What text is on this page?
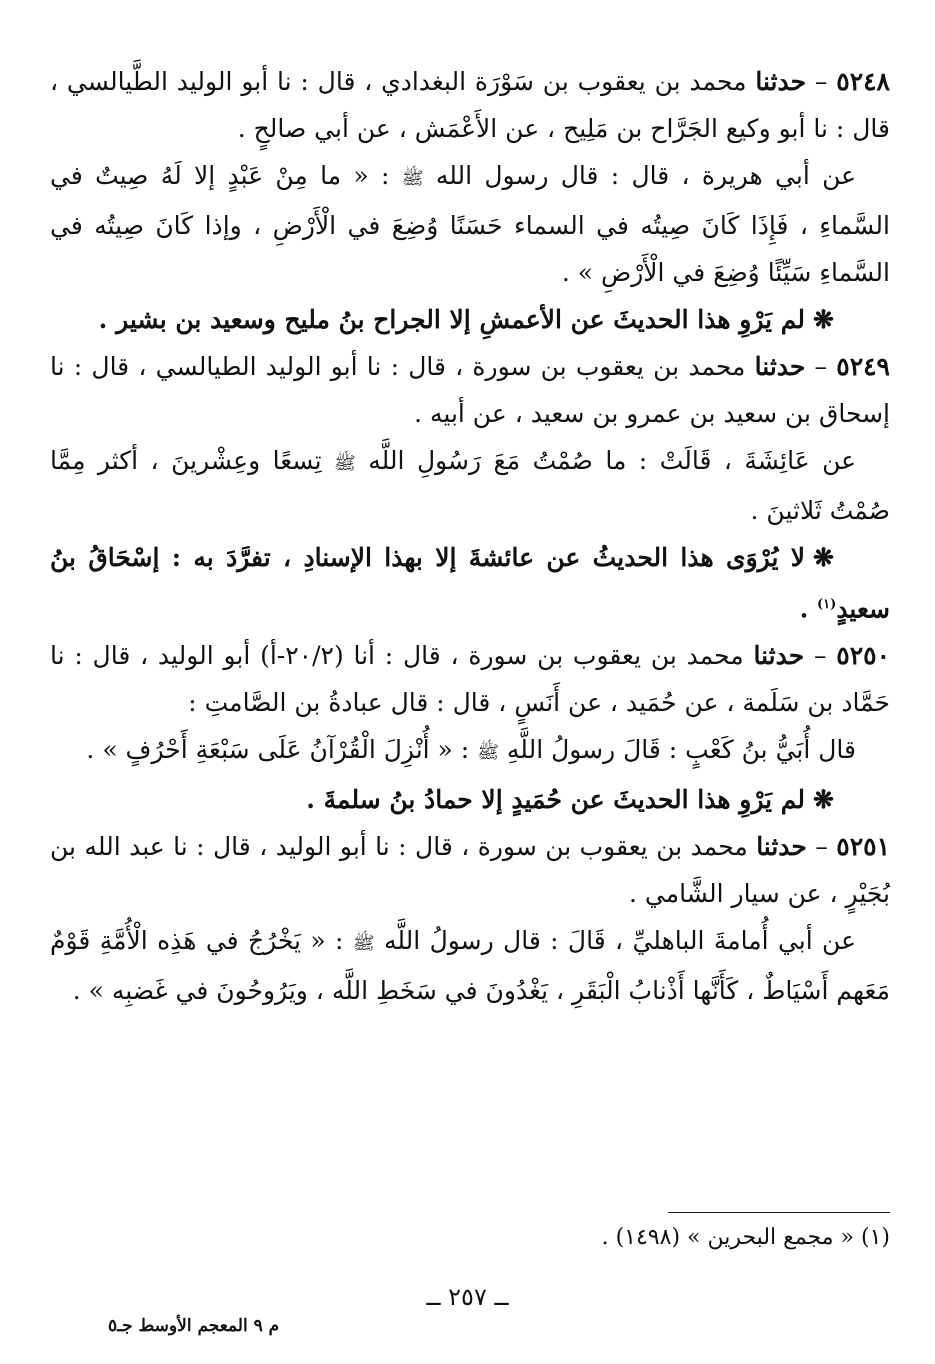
٥٢٤٨ – حدثنا محمد بن يعقوب بن سَوْرَة البغدادي ، قال : نا أبو الوليد الطَّيالسي ، قال : نا أبو وكيع الجَرَّاح بن مَلِيح ، عن الأَعْمَش ، عن أبي صالحٍ .

عن أبي هريرة ، قال : قال رسول الله ﷺ : « ما مِنْ عَبْدٍ إلا لَهُ صِيتٌ في السَّماءِ ، فَإِذَا كَانَ صِيتُه في السماء حَسَنًا وُضِعَ في الْأَرْضِ ، وإذا كَانَ صِيتُه في السَّماءِ سَيِّئًا وُضِعَ في الْأَرْضِ » .

❋لم يَرْوِ هذا الحديثَ عن الأعمشِ إلا الجراح بنُ مليح وسعيد بن بشير .

٥٢٤٩ – حدثنا محمد بن يعقوب بن سورة ، قال : نا أبو الوليد الطيالسي ، قال : نا إسحاق بن سعيد بن عمرو بن سعيد ، عن أبيه .

عن عَائِشَةَ ، قَالَتْ : ما صُمْتُ مَعَ رَسُولِ اللَّه ﷺ تِسعًا وعِشْرينَ ، أكثر مِمَّا صُمْتُ ثَلاثينَ .

❋لا يُرْوَى هذا الحديثُ عن عائشةَ إلا بهذا الإسنادِ ، تفرَّدَ به : إسْحَاقُ بنُ سعيدٍ$^{(١)}$ .

٥٢٥٠ – حدثنا محمد بن يعقوب بن سورة ، قال : أنا (٢٠/٢-أ) أبو الوليد ، قال : نا حَمَّاد بن سَلَمة ، عن حُمَيد ، عن أَنَسٍ ، قال : قال عبادةُ بن الصَّامتِ :

قال أُبَيُّ بنُ كَعْبٍ : قَالَ رسولُ اللَّهِ ﷺ : « أُنْزِلَ الْقُرْآنُ عَلَى سَبْعَةِ أَحْرُفٍ » .

❋لم يَرْوِ هذا الحديثَ عن حُمَيدٍ إلا حمادُ بنُ سلمةَ .

٥٢٥١ – حدثنا محمد بن يعقوب بن سورة ، قال : نا أبو الوليد ، قال : نا عبد الله بن بُجَيْرٍ ، عن سيار الشَّامي .

عن أبي أُمامةَ الباهليِّ ، قَالَ : قال رسولُ اللَّه ﷺ : « يَخْرُجُ في هَذِه الْأُمَّةِ قَوْمٌ مَعَهم أَسْيَاطٌ ، كَأَنَّها أَذْنابُ الْبَقَرِ ، يَغْدُونَ في سَخَطِ اللَّه ، ويَرُوحُونَ في غَضبِه » .

(١) « مجمع البحرين » (١٤٩٨) .
ــ ٢٥٧ ــ
م ٩ المعجم الأوسط جـ٥
